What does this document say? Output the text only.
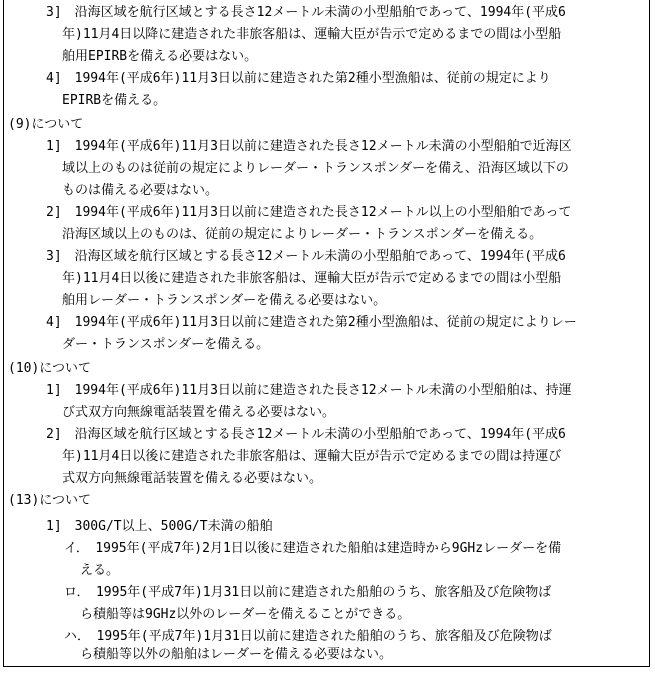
3]　沿海区域を航行区域とする長さ12メートル未満の小型船舶であって、1994年(平成6

年)11月4日以降に建造された非旅客船は、運輸大臣が告示で定めるまでの間は小型船

舶用EPIRBを備える必要はない。

4]　1994年(平成6年)11月3日以前に建造された第2種小型漁船は、従前の規定により

EPIRBを備える。

(9)について

1]　1994年(平成6年)11月3日以前に建造された長さ12メートル未満の小型船舶で近海区

域以上のものは従前の規定によりレーダー・トランスポンダーを備え、沿海区域以下の

ものは備える必要はない。

2]　1994年(平成6年)11月3日以前に建造された長さ12メートル以上の小型船舶であって

沿海区域以上のものは、従前の規定によりレーダー・トランスポンダーを備える。

3]　沿海区域を航行区域とする長さ12メートル未満の小型船舶であって、1994年(平成6

年)11月4日以後に建造された非旅客船は、運輸大臣が告示で定めるまでの間は小型船

舶用レーダー・トランスポンダーを備える必要はない。

4]　1994年(平成6年)11月3日以前に建造された第2種小型漁船は、従前の規定によりレー

ダー・トランスポンダーを備える。

(10)について

1]　1994年(平成6年)11月3日以前に建造された長さ12メートル未満の小型船舶は、持運

び式双方向無線電話装置を備える必要はない。

2]　沿海区域を航行区域とする長さ12メートル未満の小型船舶であって、1994年(平成6

年)11月4日以後に建造された非旅客船は、運輸大臣が告示で定めるまでの間は持運び

式双方向無線電話装置を備える必要はない。

(13)について

1]　300G/T以上、500G/T未満の船舶

イ．　1995年(平成7年)2月1日以後に建造された船舶は建造時から9GHzレーダーを備

える。

ロ．　1995年(平成7年)1月31日以前に建造された船舶のうち、旅客船及び危険物ば

ら積船等は9GHz以外のレーダーを備えることができる。

ハ．　1995年(平成7年)1月31日以前に建造された船舶のうち、旅客船及び危険物ば

ら積船等以外の船舶はレーダーを備える必要はない。
